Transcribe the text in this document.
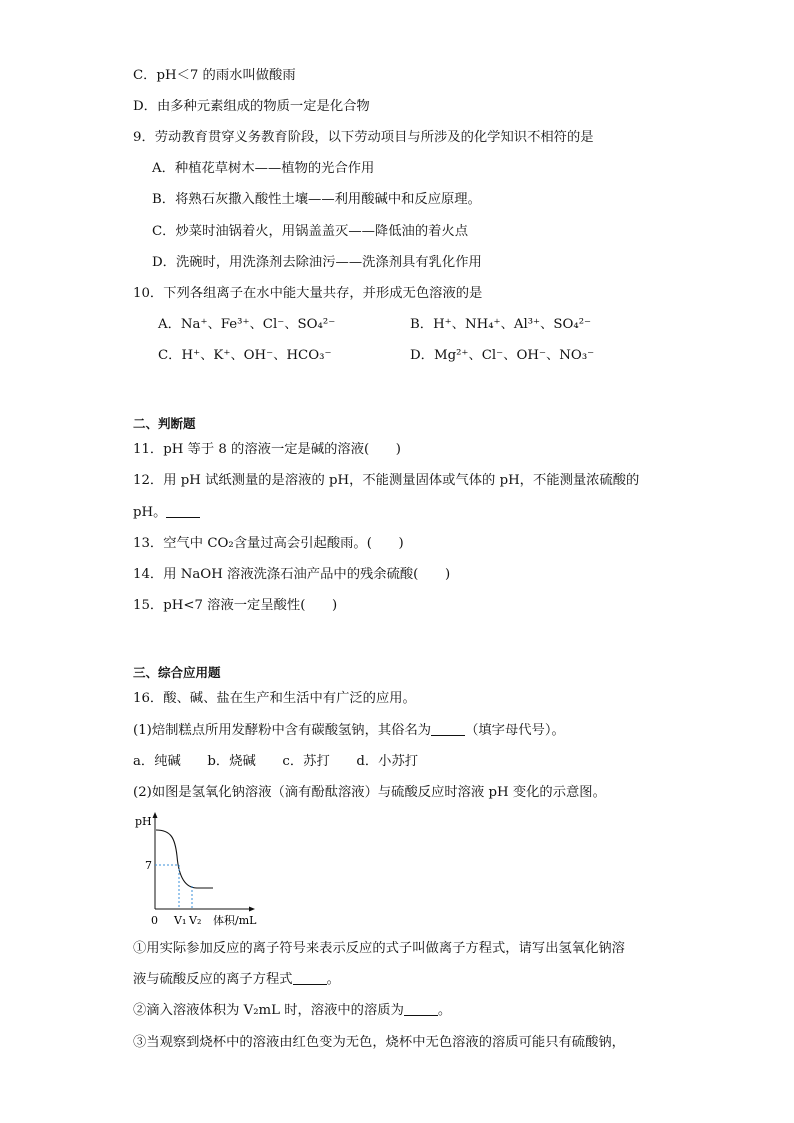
C．pH＜7 的雨水叫做酸雨
D．由多种元素组成的物质一定是化合物
9．劳动教育贯穿义务教育阶段，以下劳动项目与所涉及的化学知识不相符的是
A．种植花草树木——植物的光合作用
B．将熟石灰撒入酸性土壤——利用酸碱中和反应原理。
C．炒菜时油锅着火，用锅盖盖灭——降低油的着火点
D．洗碗时，用洗涤剂去除油污——洗涤剂具有乳化作用
10．下列各组离子在水中能大量共存，并形成无色溶液的是
A．Na⁺、Fe³⁺、Cl⁻、SO₄²⁻	B．H⁺、NH₄⁺、Al³⁺、SO₄²⁻
C．H⁺、K⁺、OH⁻、HCO₃⁻	D．Mg²⁺、Cl⁻、OH⁻、NO₃⁻
二、判断题
11．pH 等于 8 的溶液一定是碱的溶液(　　)
12．用 pH 试纸测量的是溶液的 pH，不能测量固体或气体的 pH，不能测量浓硫酸的
pH。
13．空气中 CO₂含量过高会引起酸雨。(　　)
14．用 NaOH 溶液洗涤石油产品中的残余硫酸(　　)
15．pH<7 溶液一定呈酸性(　　)
三、综合应用题
16．酸、碱、盐在生产和生活中有广泛的应用。
(1)焙制糕点所用发酵粉中含有碳酸氢钠，其俗名为	（填字母代号）。
a．纯碱　　b．烧碱　　c．苏打　　d．小苏打
(2)如图是氢氧化钠溶液（滴有酚酞溶液）与硫酸反应时溶液 pH 变化的示意图。
pH
7
0 V₁ V₂ 体积/mL
①用实际参加反应的离子符号来表示反应的式子叫做离子方程式，请写出氢氧化钠溶
液与硫酸反应的离子方程式	。
②滴入溶液体积为 V₂mL 时，溶液中的溶质为	。
③当观察到烧杯中的溶液由红色变为无色，烧杯中无色溶液的溶质可能只有硫酸钠，
